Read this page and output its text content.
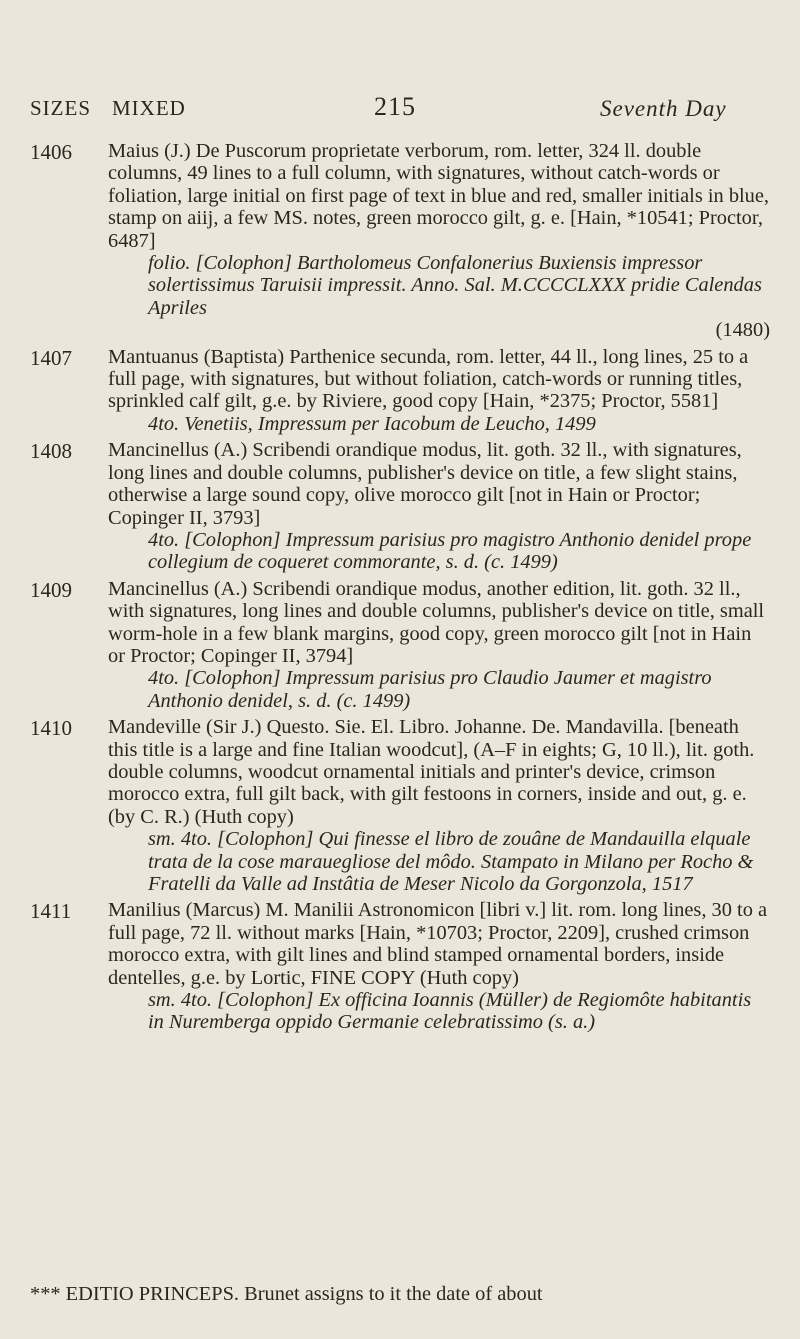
SIZES MIXED	215	Seventh Day
1406 Maius (J.) De Puscorum proprietate verborum, rom. letter, 324 ll. double columns, 49 lines to a full column, with signatures, without catch-words or foliation, large initial on first page of text in blue and red, smaller initials in blue, stamp on aiij, a few MS. notes, green morocco gilt, g. e. [Hain, *10541; Proctor, 6487]

folio. [Colophon] Bartholomeus Confalonerius Buxiensis impressor solertissimus Taruisii impressit. Anno. Sal. M.CCCCLXXX pridie Calendas Apriles

(1480)

1407 Mantuanus (Baptista) Parthenice secunda, rom. letter, 44 ll., long lines, 25 to a full page, with signatures, but without foliation, catch-words or running titles, sprinkled calf gilt, g.e. by Riviere, good copy [Hain, *2375; Proctor, 5581]

4to. Venetiis, Impressum per Iacobum de Leucho, 1499

1408 Mancinellus (A.) Scribendi orandique modus, lit. goth. 32 ll., with signatures, long lines and double columns, publisher's device on title, a few slight stains, otherwise a large sound copy, olive morocco gilt [not in Hain or Proctor; Copinger II, 3793]

4to. [Colophon] Impressum parisius pro magistro Anthonio denidel prope collegium de coqueret commorante, s. d. (c. 1499)

1409 Mancinellus (A.) Scribendi orandique modus, another edition, lit. goth. 32 ll., with signatures, long lines and double columns, publisher's device on title, small worm-hole in a few blank margins, good copy, green morocco gilt [not in Hain or Proctor; Copinger II, 3794]

4to. [Colophon] Impressum parisius pro Claudio Jaumer et magistro Anthonio denidel, s. d. (c. 1499)

1410 Mandeville (Sir J.) Questo. Sie. El. Libro. Johanne. De. Mandavilla. [beneath this title is a large and fine Italian woodcut], (A–F in eights; G, 10 ll.), lit. goth. double columns, woodcut ornamental initials and printer's device, crimson morocco extra, full gilt back, with gilt festoons in corners, inside and out, g. e. (by C. R.) (Huth copy)

sm. 4to. [Colophon] Qui finesse el libro de zouâne de Mandauilla elquale trata de la cose marauegliose del môdo. Stampato in Milano per Rocho & Fratelli da Valle ad Instâtia de Meser Nicolo da Gorgonzola, 1517

1411 Manilius (Marcus) M. Manilii Astronomicon [libri v.] lit. rom. long lines, 30 to a full page, 72 ll. without marks [Hain, *10703; Proctor, 2209], crushed crimson morocco extra, with gilt lines and blind stamped ornamental borders, inside dentelles, g.e. by Lortic, FINE COPY (Huth copy)

sm. 4to. [Colophon] Ex officina Ioannis (Müller) de Regiomôte habitantis in Nuremberga oppido Germanie celebratissimo (s. a.)

*** EDITIO PRINCEPS. Brunet assigns to it the date of about
